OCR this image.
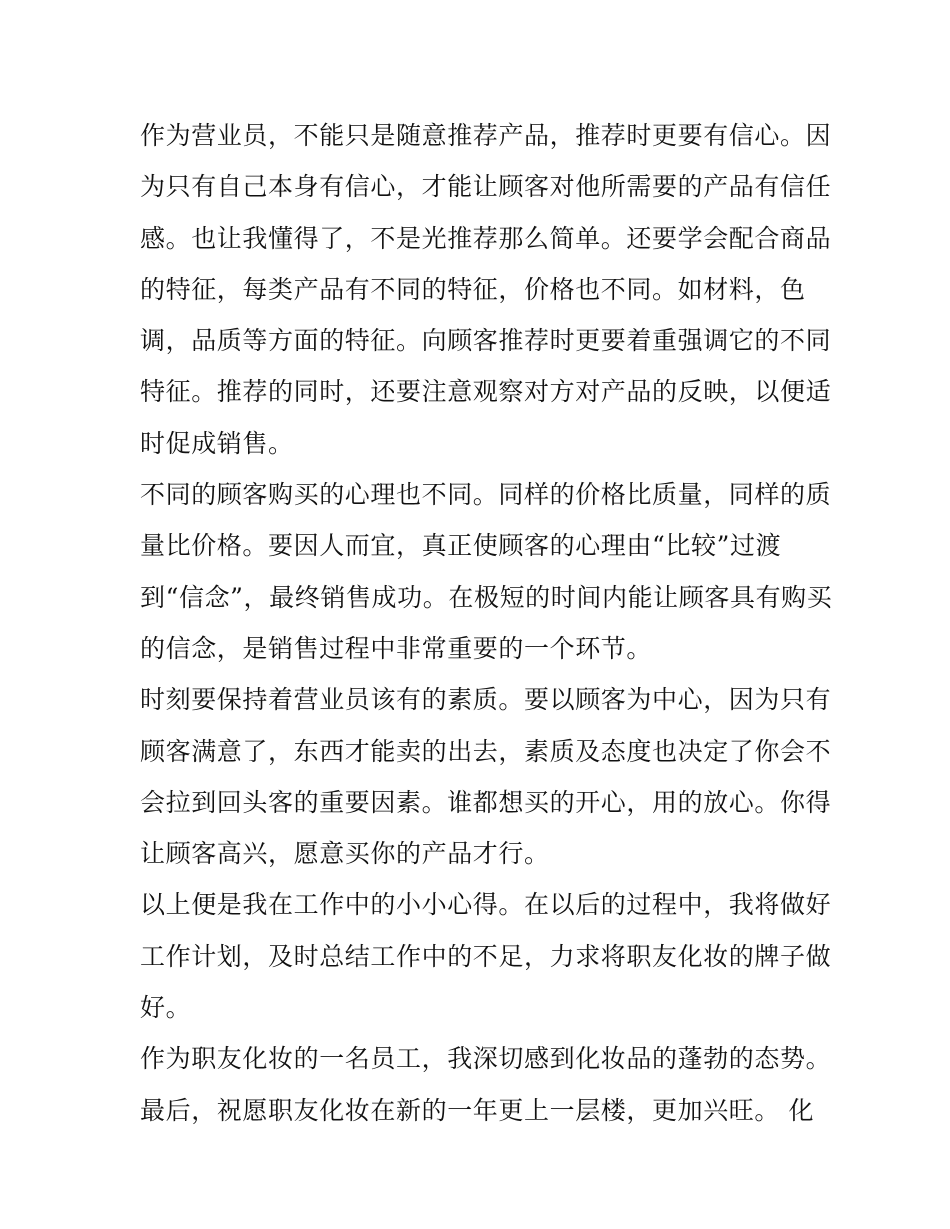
作为营业员，不能只是随意推荐产品，推荐时更要有信心。因
为只有自己本身有信心，才能让顾客对他所需要的产品有信任
感。也让我懂得了，不是光推荐那么简单。还要学会配合商品
的特征，每类产品有不同的特征，价格也不同。如材料，色
调，品质等方面的特征。向顾客推荐时更要着重强调它的不同
特征。推荐的同时，还要注意观察对方对产品的反映，以便适
时促成销售。
不同的顾客购买的心理也不同。同样的价格比质量，同样的质
量比价格。要因人而宜，真正使顾客的心理由“比较”过渡
到“信念”，最终销售成功。在极短的时间内能让顾客具有购买
的信念，是销售过程中非常重要的一个环节。
时刻要保持着营业员该有的素质。要以顾客为中心，因为只有
顾客满意了，东西才能卖的出去，素质及态度也决定了你会不
会拉到回头客的重要因素。谁都想买的开心，用的放心。你得
让顾客高兴，愿意买你的产品才行。
以上便是我在工作中的小小心得。在以后的过程中，我将做好
工作计划，及时总结工作中的不足，力求将职友化妆的牌子做
好。
作为职友化妆的一名员工，我深切感到化妆品的蓬勃的态势。
最后，祝愿职友化妆在新的一年更上一层楼，更加兴旺。 化
